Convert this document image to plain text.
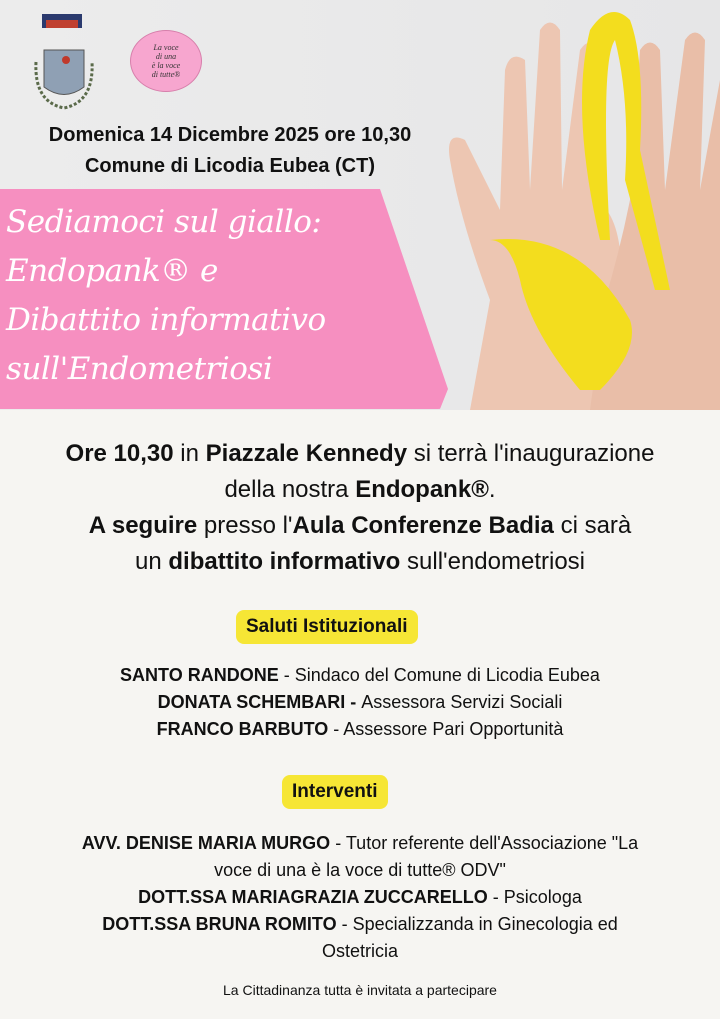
La voce
di una
è la voce
di tutte®
Domenica 14 Dicembre 2025 ore 10,30
Comune di Licodia Eubea (CT)
Sediamoci sul giallo:
Endopank® e
Dibattito informativo
sull'Endometriosi
Ore 10,30 in Piazzale Kennedy si terrà l'inaugurazione
della nostra Endopank®.
A seguire presso l'Aula Conferenze Badia ci sarà
un dibattito informativo sull'endometriosi
Saluti Istituzionali
SANTO RANDONE - Sindaco del Comune di Licodia Eubea
DONATA SCHEMBARI - Assessora Servizi Sociali
FRANCO BARBUTO - Assessore Pari Opportunità
Interventi
AVV. DENISE MARIA MURGO - Tutor referente dell'Associazione "La
voce di una è la voce di tutte® ODV"
DOTT.SSA MARIAGRAZIA ZUCCARELLO - Psicologa
DOTT.SSA BRUNA ROMITO - Specializzanda in Ginecologia ed
Ostetricia
La Cittadinanza tutta è invitata a partecipare
